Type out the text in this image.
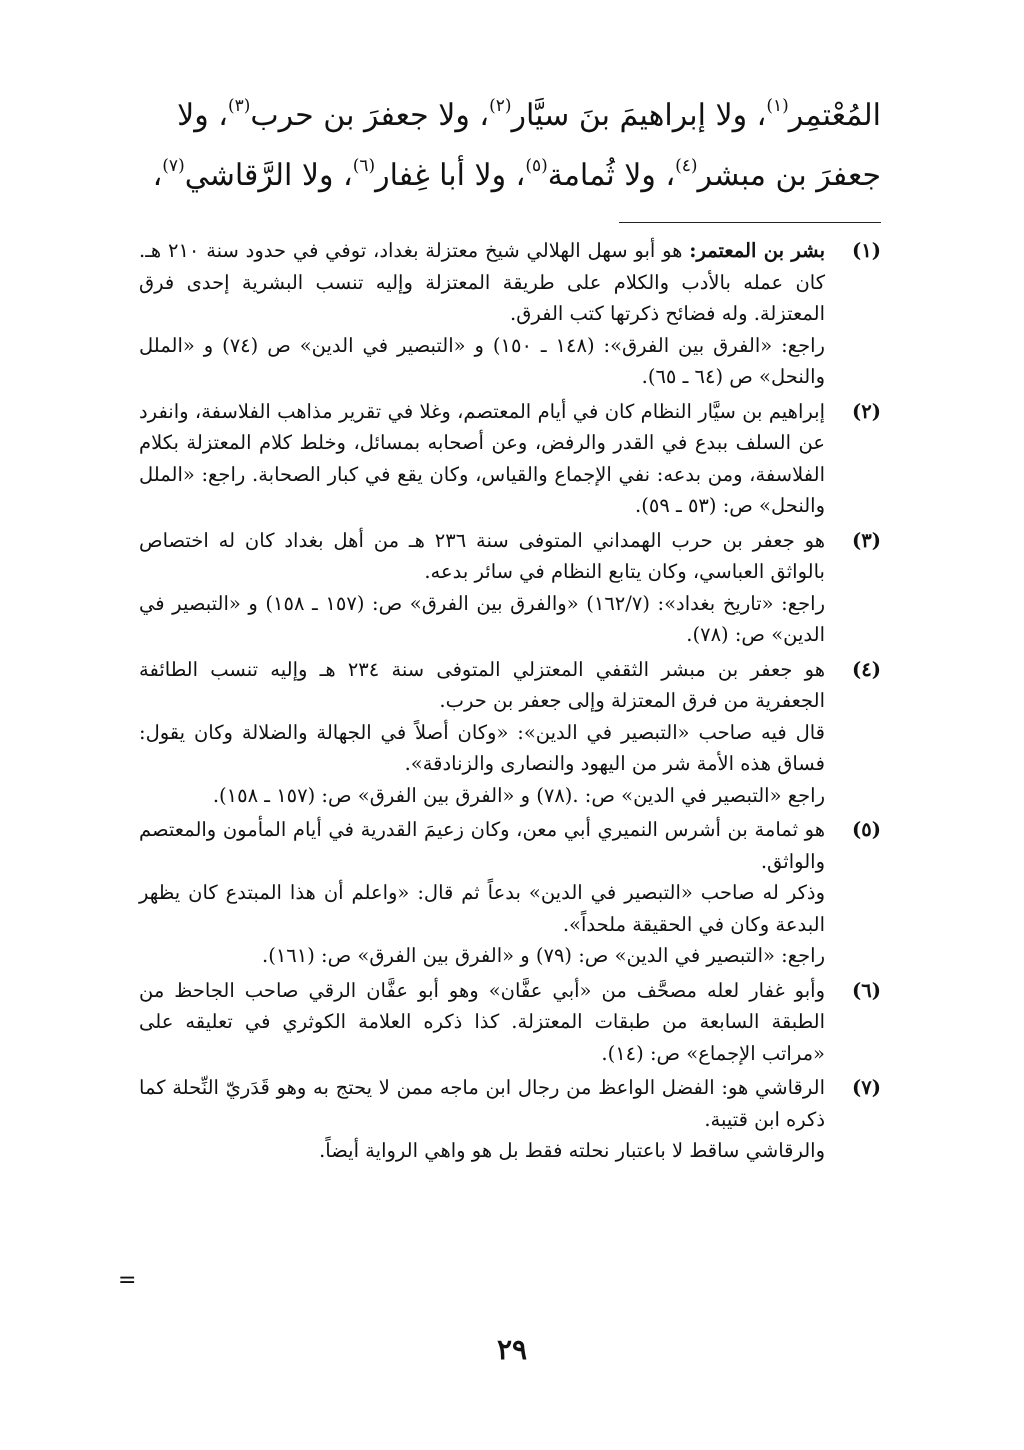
المُعْتمِر$^{(١)}$، ولا إبراهيمَ بنَ سيَّار$^{(٢)}$، ولا جعفرَ بن حرب$^{(٣)}$، ولا
جعفرَ بن مبشر$^{(٤)}$، ولا ثُمامة$^{(٥)}$، ولا أبا غِفار$^{(٦)}$، ولا الرَّقاشي$^{(٧)}$،
(١)
بشر بن المعتمر: هو أبو سهل الهلالي شيخ معتزلة بغداد، توفي في حدود سنة ٢١٠ هـ. كان عمله بالأدب والكلام على طريقة المعتزلة وإليه تنسب البشرية إحدى فرق المعتزلة. وله فضائح ذكرتها كتب الفرق.
راجع: «الفرق بين الفرق»: (١٤٨ ـ ١٥٠) و «التبصير في الدين» ص (٧٤) و «الملل والنحل» ص (٦٤ ـ ٦٥).
(٢)
إبراهيم بن سيَّار النظام كان في أيام المعتصم، وغلا في تقرير مذاهب الفلاسفة، وانفرد عن السلف ببدع في القدر والرفض، وعن أصحابه بمسائل، وخلط كلام المعتزلة بكلام الفلاسفة، ومن بدعه: نفي الإجماع والقياس، وكان يقع في كبار الصحابة. راجع: «الملل والنحل» ص: (٥٣ ـ ٥٩).
(٣)
هو جعفر بن حرب الهمداني المتوفى سنة ٢٣٦ هـ من أهل بغداد كان له اختصاص بالواثق العباسي، وكان يتابع النظام في سائر بدعه.
راجع: «تاريخ بغداد»: (١٦٢/٧) «والفرق بين الفرق» ص: (١٥٧ ـ ١٥٨) و «التبصير في الدين» ص: (٧٨).
(٤)
هو جعفر بن مبشر الثقفي المعتزلي المتوفى سنة ٢٣٤ هـ وإليه تنسب الطائفة الجعفرية من فرق المعتزلة وإلى جعفر بن حرب.
قال فيه صاحب «التبصير في الدين»: «وكان أصلاً في الجهالة والضلالة وكان يقول: فساق هذه الأمة شر من اليهود والنصارى والزنادقة».
راجع «التبصير في الدين» ص: .(٧٨) و «الفرق بين الفرق» ص: (١٥٧ ـ ١٥٨).
(٥)
هو ثمامة بن أشرس النميري أبي معن، وكان زعيمَ القدرية في أيام المأمون والمعتصم والواثق.
وذكر له صاحب «التبصير في الدين» بدعاً ثم قال: «واعلم أن هذا المبتدع كان يظهر البدعة وكان في الحقيقة ملحداً».
راجع: «التبصير في الدين» ص: (٧٩) و «الفرق بين الفرق» ص: (١٦١).
(٦)
وأبو غفار لعله مصحَّف من «أبي عفَّان» وهو أبو عفَّان الرقي صاحب الجاحظ من الطبقة السابعة من طبقات المعتزلة. كذا ذكره العلامة الكوثري في تعليقه على «مراتب الإجماع» ص: (١٤).
(٧)
الرقاشي هو: الفضل الواعظ من رجال ابن ماجه ممن لا يحتج به وهو قَدَريّ النِّحلة كما ذكره ابن قتيبة.
والرقاشي ساقط لا باعتبار نحلته فقط بل هو واهي الرواية أيضاً.
=
٢٩
